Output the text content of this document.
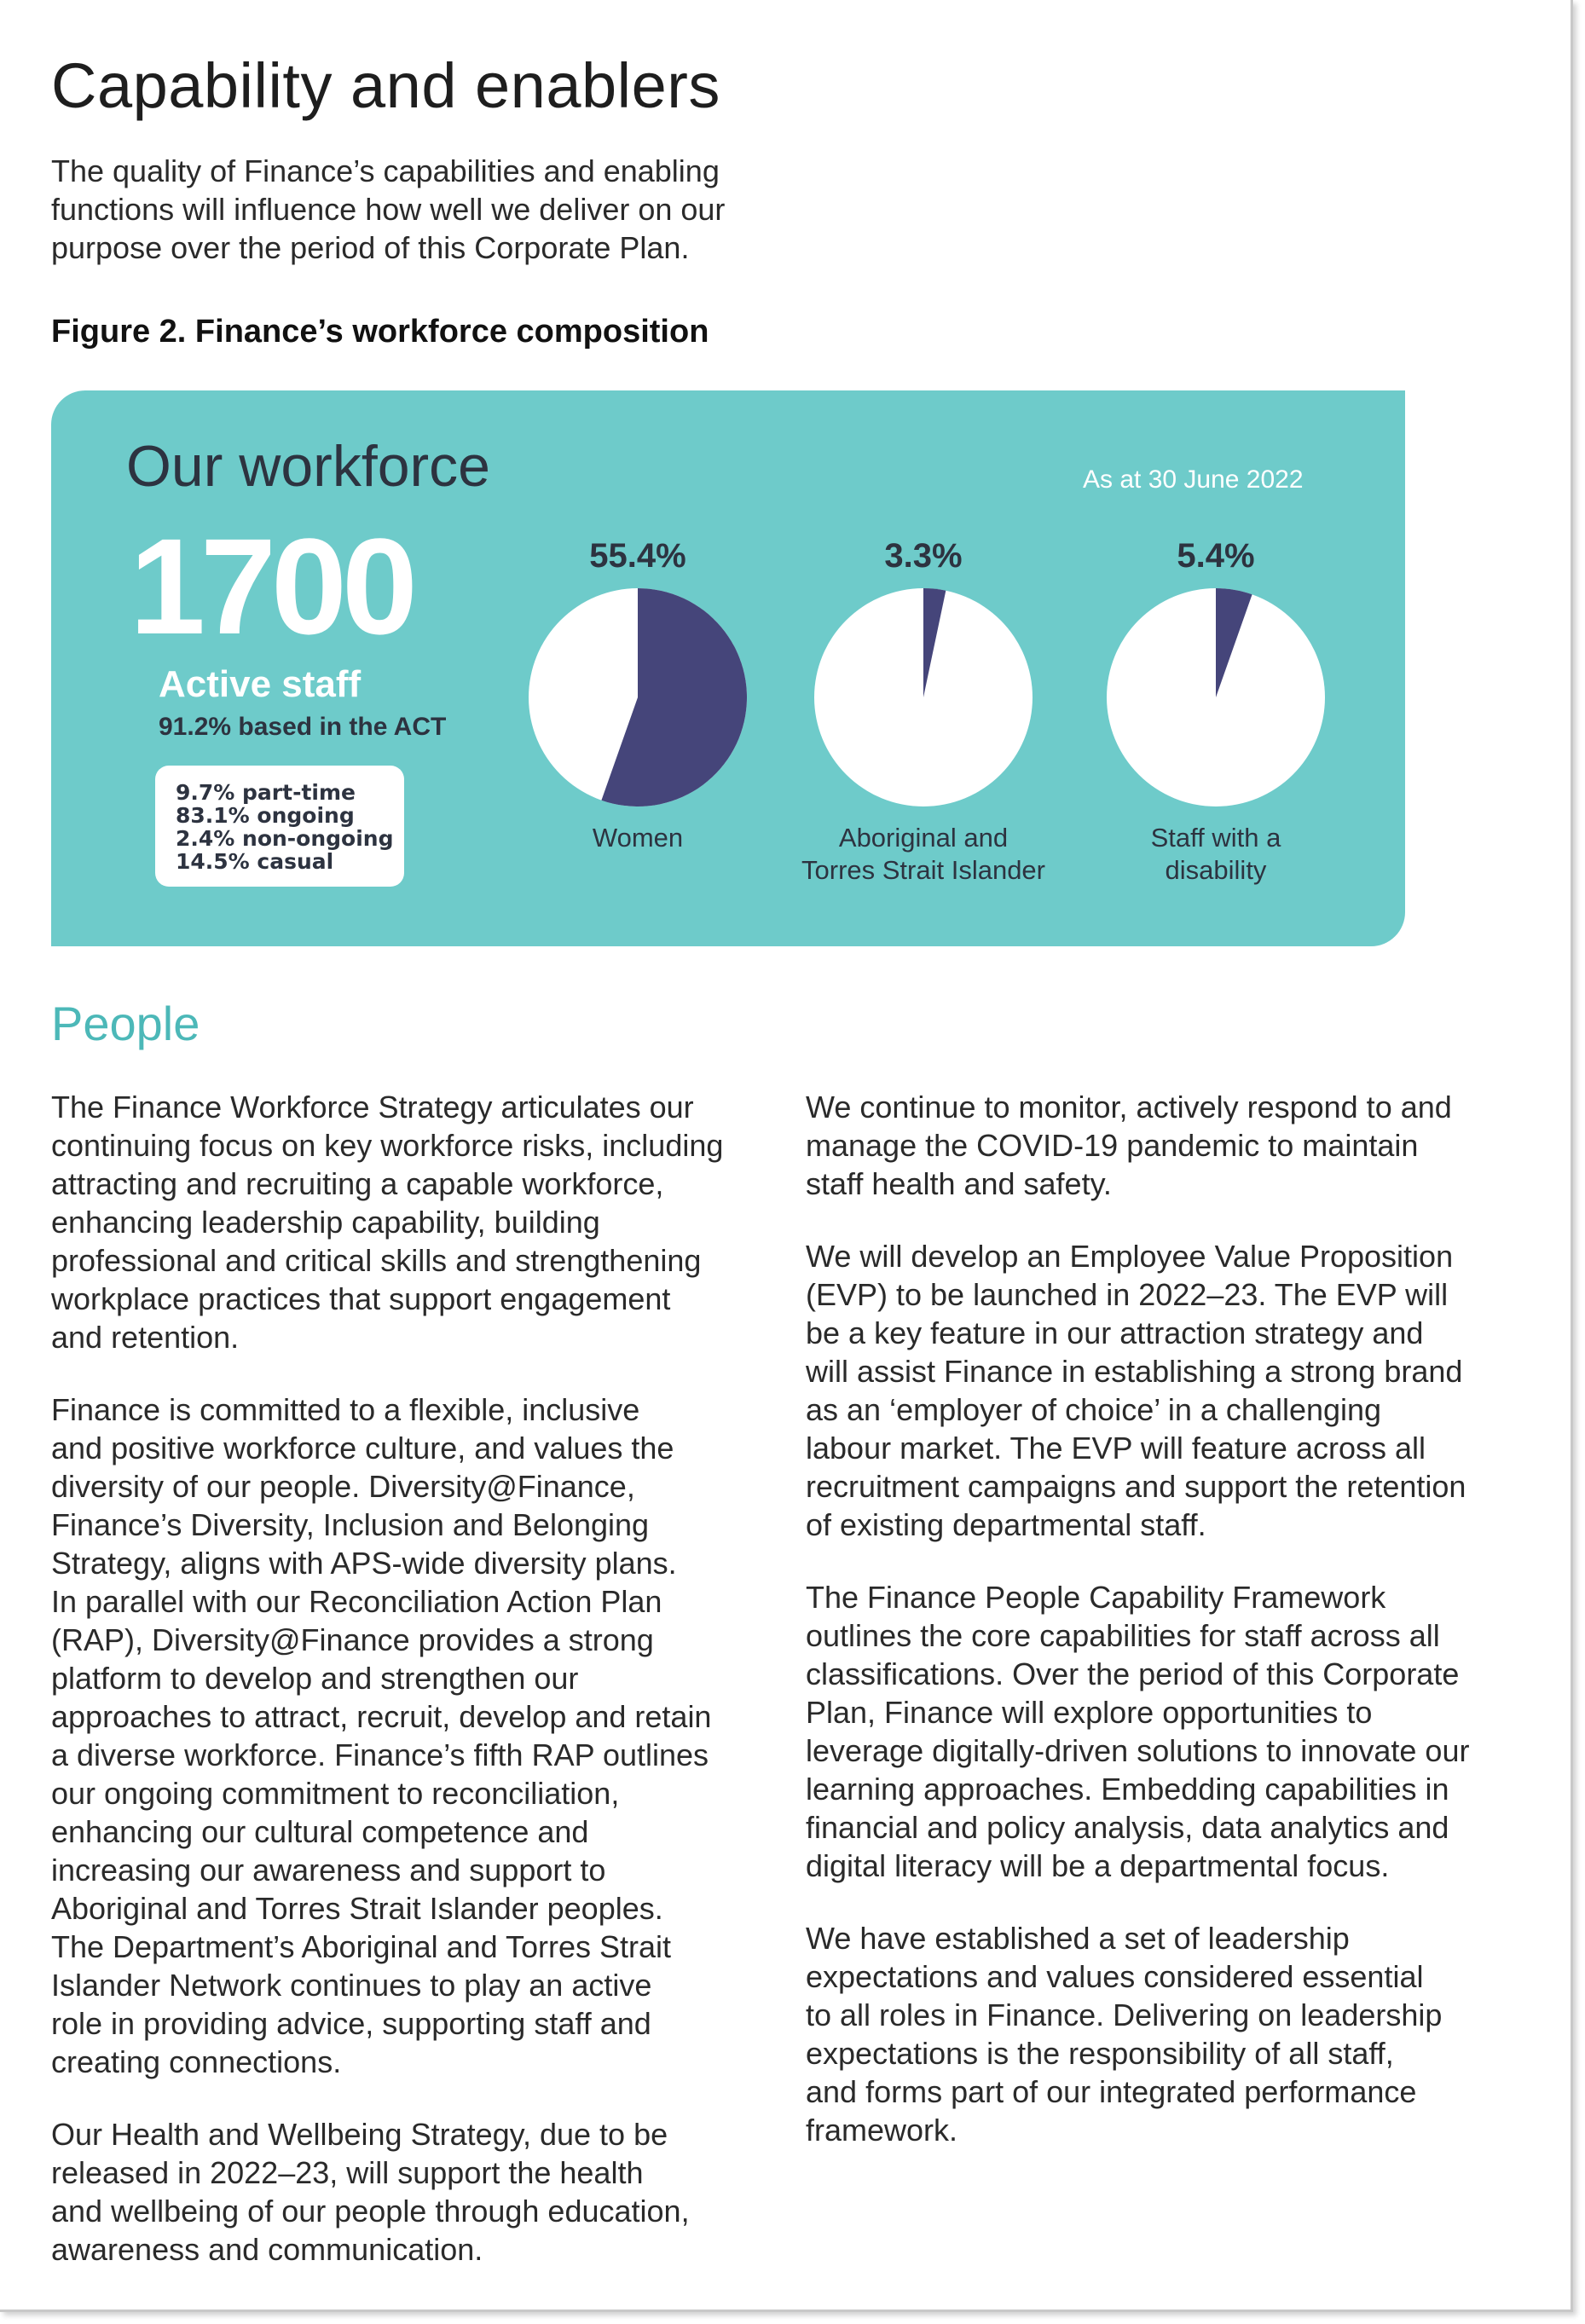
Capability and enablers
The quality of Finance’s capabilities and enabling
functions will influence how well we deliver on our
purpose over the period of this Corporate Plan.
Figure 2. Finance’s workforce composition
Our workforce	As at 30 June 2022
1700
Active staff
91.2% based in the ACT
9.7% part-time
83.1% ongoing
2.4% non-ongoing
14.5% casual
55.4%
Women
3.3%
Aboriginal and
Torres Strait Islander
5.4%
Staff with a
disability
People

The Finance Workforce Strategy articulates our
continuing focus on key workforce risks, including
attracting and recruiting a capable workforce,
enhancing leadership capability, building
professional and critical skills and strengthening
workplace practices that support engagement
and retention.

Finance is committed to a flexible, inclusive
and positive workforce culture, and values the
diversity of our people. Diversity@Finance,
Finance’s Diversity, Inclusion and Belonging
Strategy, aligns with APS-wide diversity plans.
In parallel with our Reconciliation Action Plan
(RAP), Diversity@Finance provides a strong
platform to develop and strengthen our
approaches to attract, recruit, develop and retain
a diverse workforce. Finance’s fifth RAP outlines
our ongoing commitment to reconciliation,
enhancing our cultural competence and
increasing our awareness and support to
Aboriginal and Torres Strait Islander peoples.
The Department’s Aboriginal and Torres Strait
Islander Network continues to play an active
role in providing advice, supporting staff and
creating connections.

Our Health and Wellbeing Strategy, due to be
released in 2022–23, will support the health
and wellbeing of our people through education,
awareness and communication.

We continue to monitor, actively respond to and
manage the COVID-19 pandemic to maintain
staff health and safety.

We will develop an Employee Value Proposition
(EVP) to be launched in 2022–23. The EVP will
be a key feature in our attraction strategy and
will assist Finance in establishing a strong brand
as an ‘employer of choice’ in a challenging
labour market. The EVP will feature across all
recruitment campaigns and support the retention
of existing departmental staff.

The Finance People Capability Framework
outlines the core capabilities for staff across all
classifications. Over the period of this Corporate
Plan, Finance will explore opportunities to
leverage digitally-driven solutions to innovate our
learning approaches. Embedding capabilities in
financial and policy analysis, data analytics and
digital literacy will be a departmental focus.

We have established a set of leadership
expectations and values considered essential
to all roles in Finance. Delivering on leadership
expectations is the responsibility of all staff,
and forms part of our integrated performance
framework.
